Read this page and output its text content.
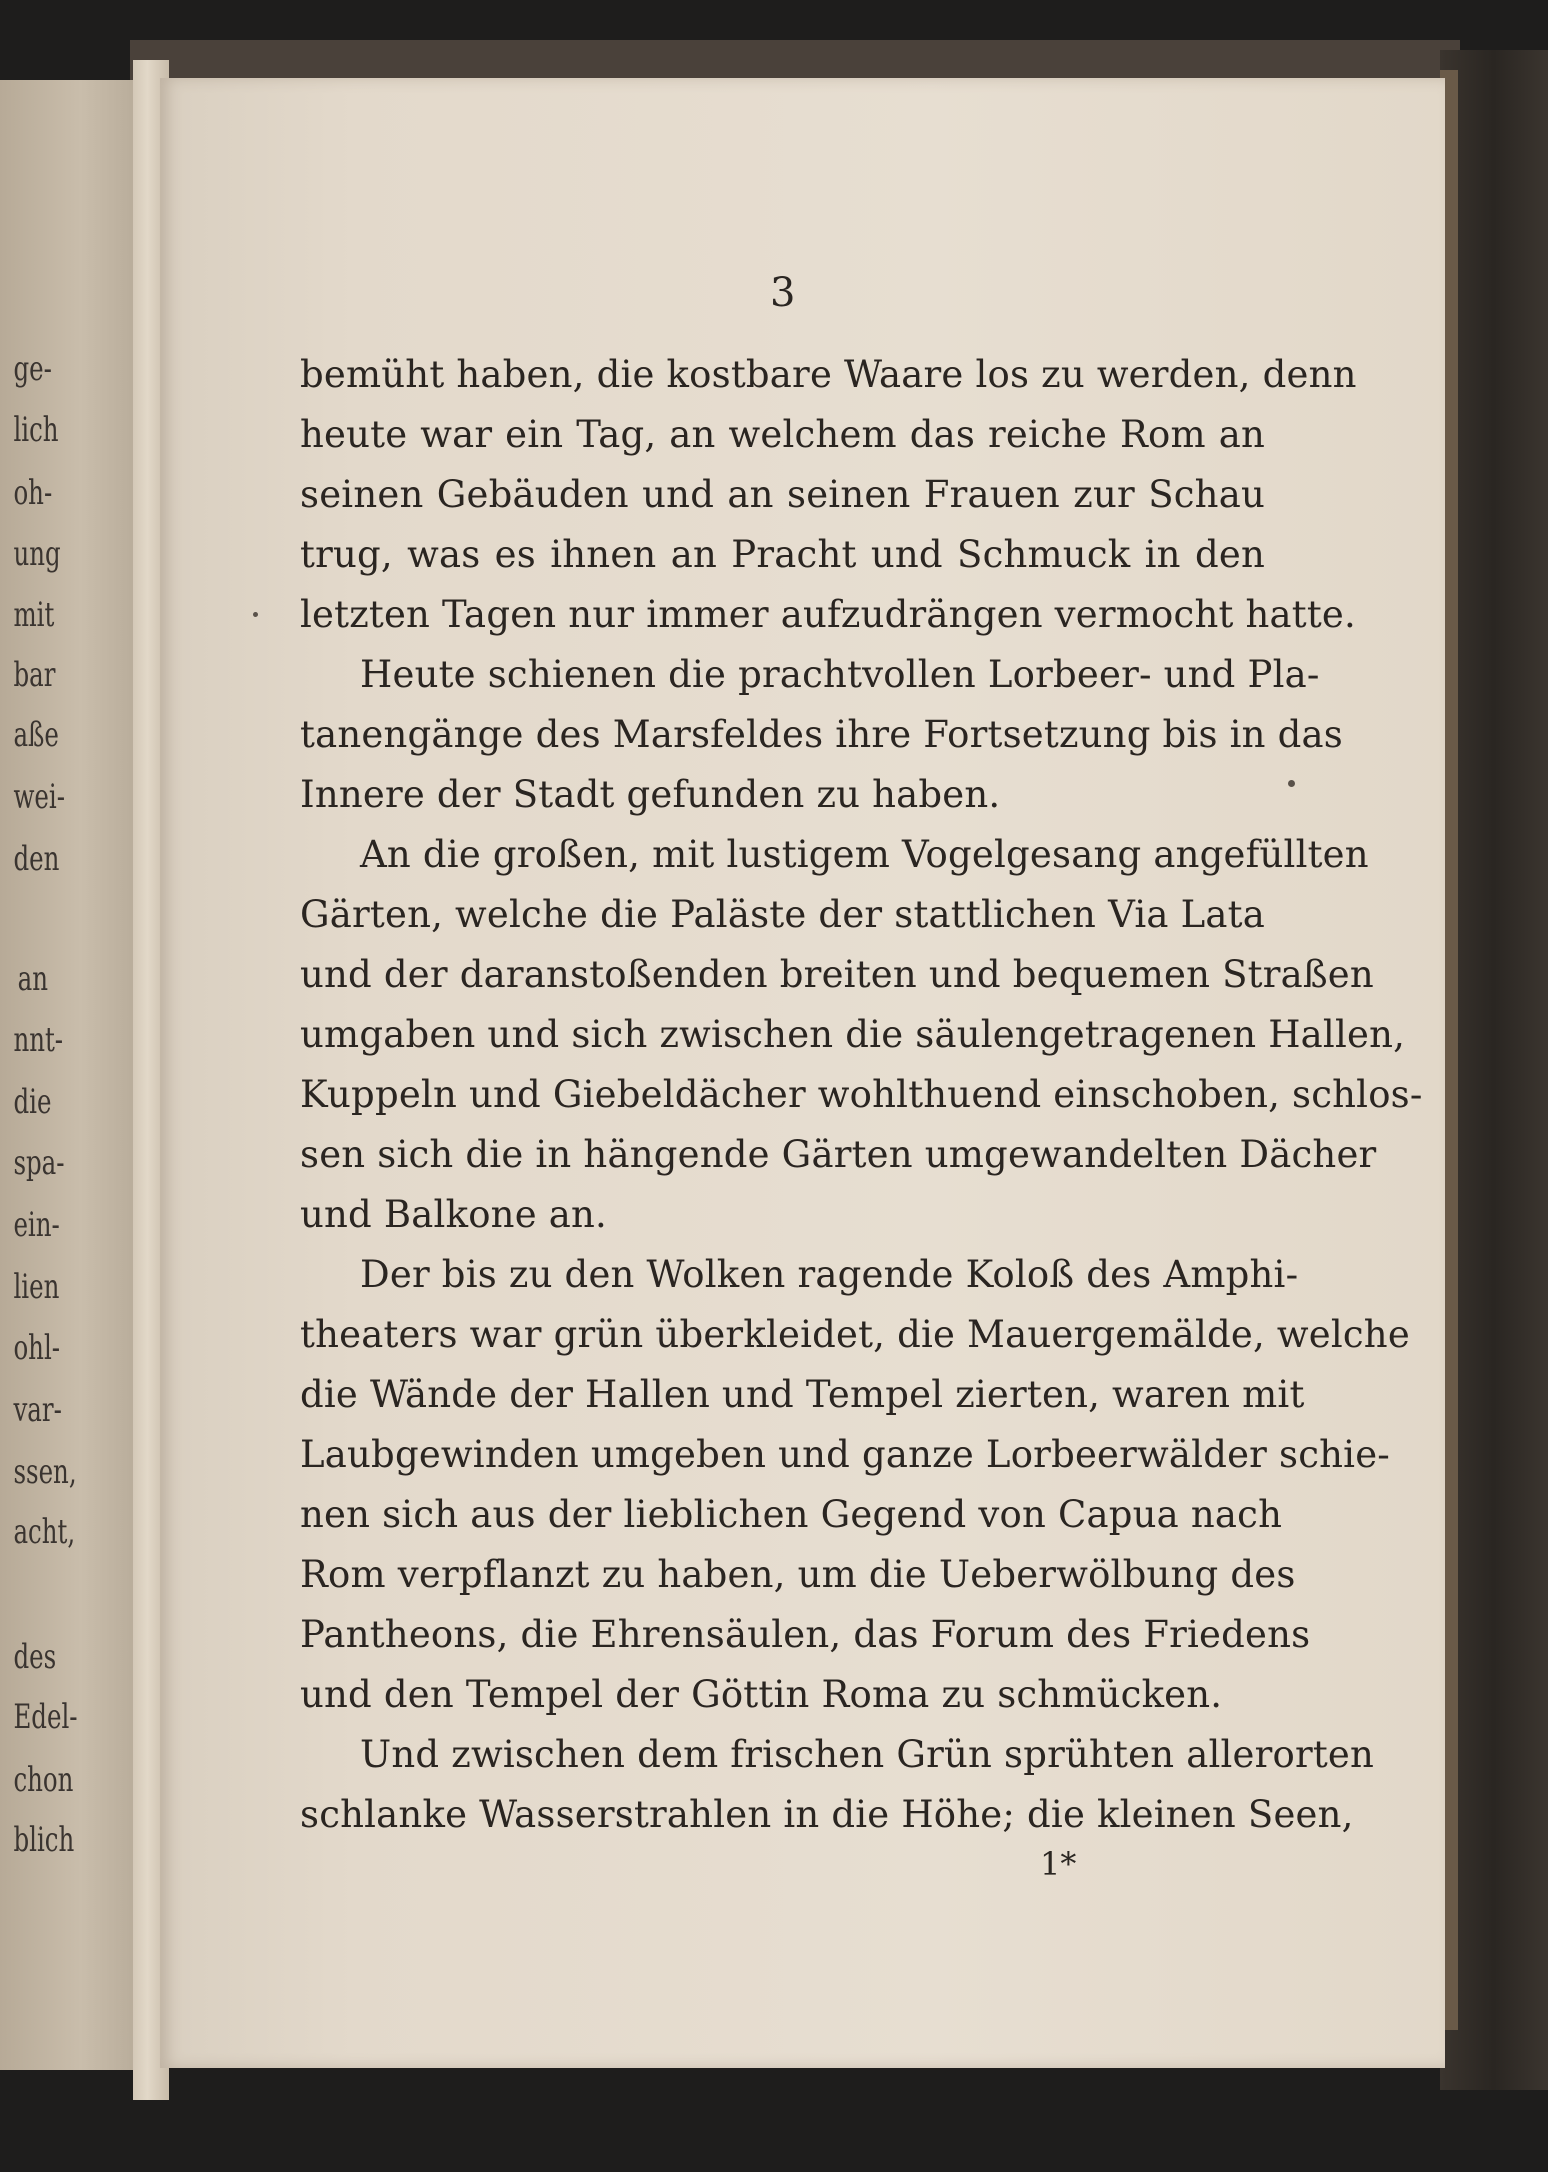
ge-
lich
oh-
ung
mit
bar
aße
wei-
den
an
nnt-
die
spa-
ein-
lien
ohl-
var-
ssen,
acht,
des
Edel-
chon
blich
3
bemüht haben, die kostbare Waare los zu werden, denn
heute war ein Tag, an welchem das reiche Rom an
seinen Gebäuden und an seinen Frauen zur Schau
trug, was es ihnen an Pracht und Schmuck in den
letzten Tagen nur immer aufzudrängen vermocht hatte.
Heute schienen die prachtvollen Lorbeer- und Pla-
tanengänge des Marsfeldes ihre Fortsetzung bis in das
Innere der Stadt gefunden zu haben.
An die großen, mit lustigem Vogelgesang angefüllten
Gärten, welche die Paläste der stattlichen Via Lata
und der daranstoßenden breiten und bequemen Straßen
umgaben und sich zwischen die säulengetragenen Hallen,
Kuppeln und Giebeldächer wohlthuend einschoben, schlos-
sen sich die in hängende Gärten umgewandelten Dächer
und Balkone an.
Der bis zu den Wolken ragende Koloß des Amphi-
theaters war grün überkleidet, die Mauergemälde, welche
die Wände der Hallen und Tempel zierten, waren mit
Laubgewinden umgeben und ganze Lorbeerwälder schie-
nen sich aus der lieblichen Gegend von Capua nach
Rom verpflanzt zu haben, um die Ueberwölbung des
Pantheons, die Ehrensäulen, das Forum des Friedens
und den Tempel der Göttin Roma zu schmücken.
Und zwischen dem frischen Grün sprühten allerorten
schlanke Wasserstrahlen in die Höhe; die kleinen Seen,
1*
